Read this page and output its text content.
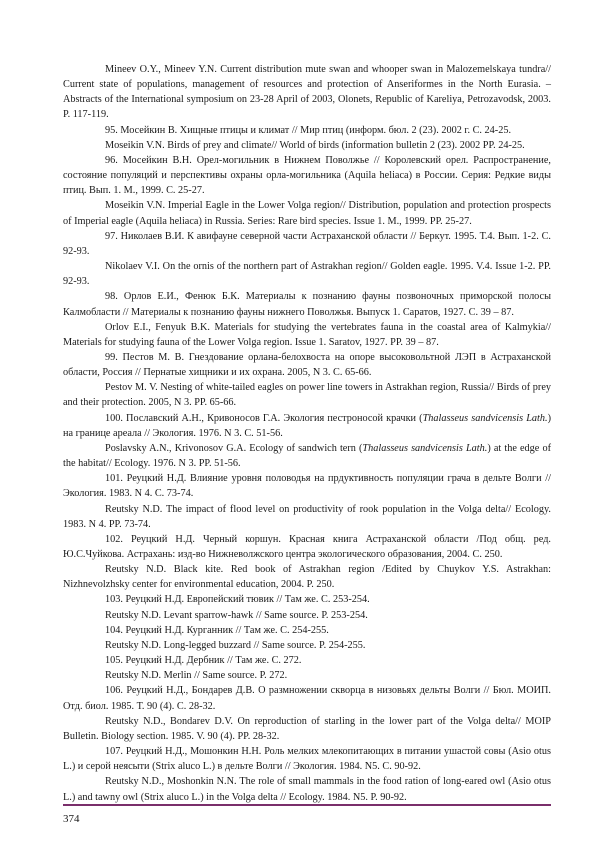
Mineev O.Y., Mineev Y.N. Current distribution mute swan and whooper swan in Malozemelskaya tundra// Current state of populations, management of resources and protection of Anseriformes in the North Eurasia. – Abstracts of the International symposium on 23-28 April of 2003, Olonets, Republic of Kareliya, Petrozavodsk, 2003. P. 117-119.

95. Мосейкин В. Хищные птицы и климат // Мир птиц (информ. бюл. 2 (23). 2002 г. С. 24-25.

Moseikin V.N. Birds of prey and climate// World of birds (information bulletin 2 (23). 2002 PP. 24-25.

96. Мосейкин В.Н. Орел-могильник в Нижнем Поволжье // Королевский орел. Распространение, состояние популяций и перспективы охраны орла-могильника (Aquila heliaca) в России. Серия: Редкие виды птиц. Вып. 1. М., 1999. С. 25-27.

Moseikin V.N. Imperial Eagle in the Lower Volga region// Distribution, population and protection prospects of Imperial eagle (Aquila heliaca) in Russia. Series: Rare bird species. Issue 1. M., 1999. PP. 25-27.

97. Николаев В.И. К авифауне северной части Астраханской области // Беркут. 1995. Т.4. Вып. 1-2. С. 92-93.

Nikolaev V.I. On the ornis of the northern part of Astrakhan region// Golden eagle. 1995. V.4. Issue 1-2. PP. 92-93.

98. Орлов Е.И., Фенюк Б.К. Материалы к познанию фауны позвоночных приморской полосы Калмобласти // Материалы к познанию фауны нижнего Поволжья. Выпуск 1. Саратов, 1927. С. 39 – 87.

Orlov E.I., Fenyuk B.K. Materials for studying the vertebrates fauna in the coastal area of Kalmykia// Materials for studying fauna of the Lower Volga region. Issue 1. Saratov, 1927. PP. 39 – 87.

99. Пестов М. В. Гнездование орлана-белохвоста на опоре высоковольтной ЛЭП в Астраханской области, Россия // Пернатые хищники и их охрана. 2005, N 3. C. 65-66.

Pestov M. V. Nesting of white-tailed eagles on power line towers in Astrakhan region, Russia// Birds of prey and their protection. 2005, N 3. PP. 65-66.

100. Пославский А.Н., Кривоносов Г.А. Экология пестроносой крачки (Thalasseus sandvicensis Lath.) на границе ареала // Экология. 1976. N 3. C. 51-56.

Poslavsky A.N., Krivonosov G.A. Ecology of sandwich tern (Thalasseus sandvicensis Lath.) at the edge of the habitat// Ecology. 1976. N 3. PP. 51-56.

101. Реуцкий Н.Д. Влияние уровня половодья на прдуктивность популяции грача в дельте Волги // Экология. 1983. N 4. С. 73-74.

Reutsky N.D. The impact of flood level on productivity of rook population in the Volga delta// Ecology. 1983. N 4. PP. 73-74.

102. Реуцкий Н.Д. Черный коршун. Красная книга Астраханской области /Под общ. ред. Ю.С.Чуйкова. Астрахань: изд-во Нижневолжского центра экологического образования, 2004. С. 250.

Reutsky N.D. Black kite. Red book of Astrakhan region /Edited by Chuykov Y.S. Astrakhan: Nizhnevolzhsky center for environmental education, 2004. P. 250.

103. Реуцкий Н.Д. Европейский тювик // Там же. С. 253-254.

Reutsky N.D. Levant sparrow-hawk // Same source. P. 253-254.

104. Реуцкий Н.Д. Курганник // Там же. С. 254-255.

Reutsky N.D. Long-legged buzzard // Same source. P. 254-255.

105. Реуцкий Н.Д. Дербник // Там же. С. 272.

Reutsky N.D. Merlin // Same source. P. 272.

106. Реуцкий Н.Д., Бондарев Д.В. О размножении скворца в низовьях дельты Волги // Бюл. МОИП. Отд. биол. 1985. Т. 90 (4). С. 28-32.

Reutsky N.D., Bondarev D.V. On reproduction of starling in the lower part of the Volga delta// MOIP Bulletin. Biology section. 1985. V. 90 (4). PP. 28-32.

107. Реуцкий Н.Д., Мошонкин Н.Н. Роль мелких млекопитающих в питании ушастой совы (Asio otus L.) и серой неясыти (Strix aluco L.) в дельте Волги // Экология. 1984. N5. С. 90-92.

Reutsky N.D., Moshonkin N.N. The role of small mammals in the food ration of long-eared owl (Asio otus L.) and tawny owl (Strix aluco L.) in the Volga delta // Ecology. 1984. N5. P. 90-92.

374
